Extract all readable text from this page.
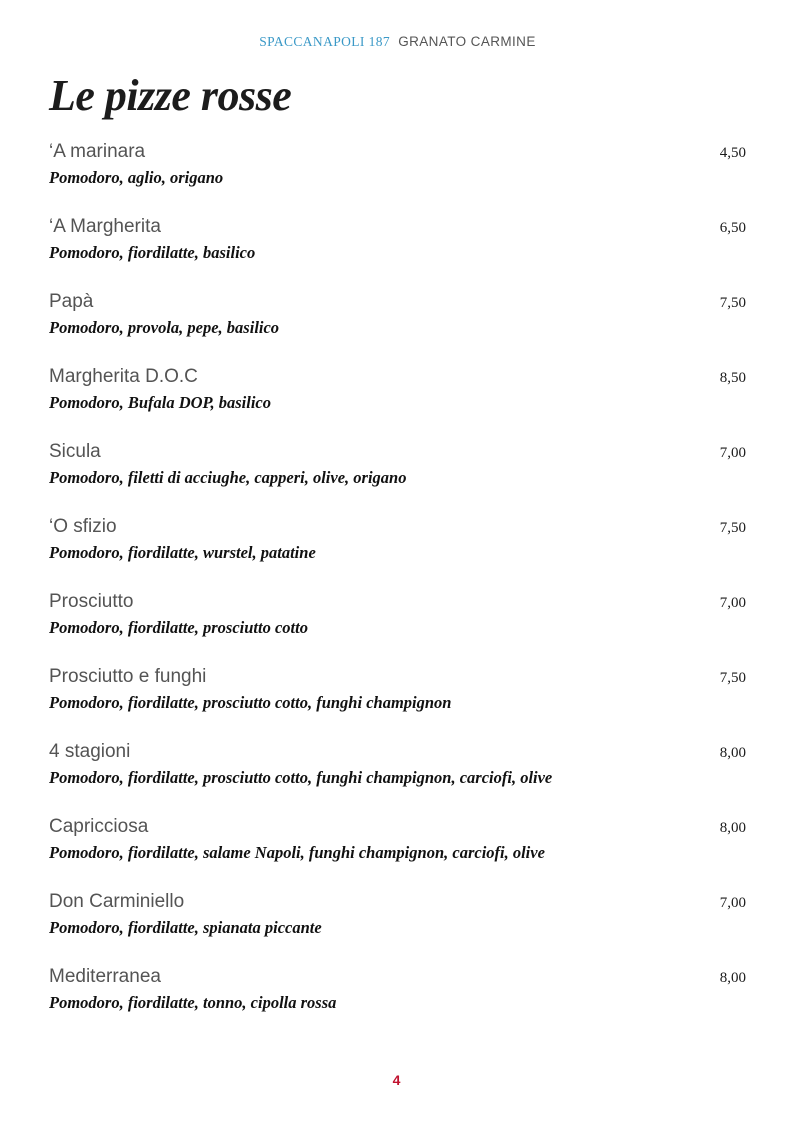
SPACCANAPOLI 187 GRANATO CARMINE
Le pizze rosse
‘A marinara	4,50
Pomodoro, aglio, origano
‘A Margherita	6,50
Pomodoro, fiordilatte, basilico
Papà	7,50
Pomodoro, provola, pepe, basilico
Margherita D.O.C	8,50
Pomodoro, Bufala DOP, basilico
Sicula	7,00
Pomodoro, filetti di acciughe, capperi, olive, origano
‘O sfizio	7,50
Pomodoro, fiordilatte, wurstel, patatine
Prosciutto	7,00
Pomodoro, fiordilatte, prosciutto cotto
Prosciutto e funghi	7,50
Pomodoro, fiordilatte, prosciutto cotto, funghi champignon
4 stagioni	8,00
Pomodoro, fiordilatte, prosciutto cotto, funghi champignon, carciofi, olive
Capricciosa	8,00
Pomodoro, fiordilatte, salame Napoli, funghi champignon, carciofi, olive
Don Carminiello	7,00
Pomodoro, fiordilatte, spianata piccante
Mediterranea	8,00
Pomodoro, fiordilatte, tonno, cipolla rossa
4
